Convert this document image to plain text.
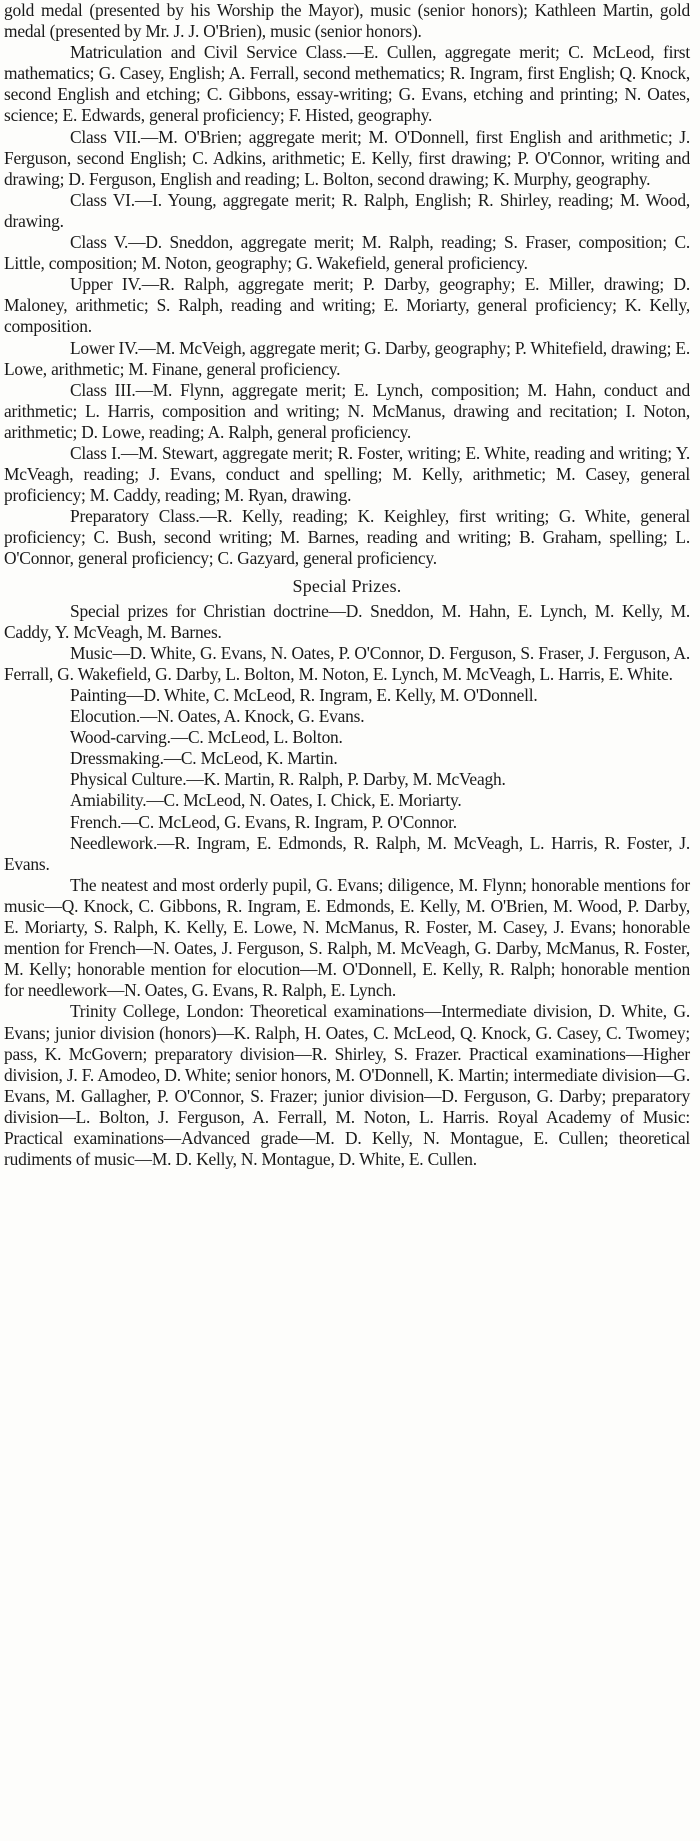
gold medal (presented by his Worship the Mayor), music (senior honors); Kathleen Martin, gold medal (presented by Mr. J. J. O'Brien), music (senior honors).

Matriculation and Civil Service Class.—E. Cullen, aggregate merit; C. McLeod, first mathematics; G. Casey, English; A. Ferrall, second methematics; R. Ingram, first English; Q. Knock, second English and etching; C. Gibbons, essay-writing; G. Evans, etching and printing; N. Oates, science; E. Edwards, general proficiency; F. Histed, geography.

Class VII.—M. O'Brien; aggregate merit; M. O'Donnell, first English and arithmetic; J. Ferguson, second English; C. Adkins, arithmetic; E. Kelly, first drawing; P. O'Connor, writing and drawing; D. Ferguson, English and reading; L. Bolton, second drawing; K. Murphy, geography.

Class VI.—I. Young, aggregate merit; R. Ralph, English; R. Shirley, reading; M. Wood, drawing.

Class V.—D. Sneddon, aggregate merit; M. Ralph, reading; S. Fraser, composition; C. Little, composition; M. Noton, geography; G. Wakefield, general proficiency.

Upper IV.—R. Ralph, aggregate merit; P. Darby, geography; E. Miller, drawing; D. Maloney, arithmetic; S. Ralph, reading and writing; E. Moriarty, general proficiency; K. Kelly, composition.

Lower IV.—M. McVeigh, aggregate merit; G. Darby, geography; P. Whitefield, drawing; E. Lowe, arithmetic; M. Finane, general proficiency.

Class III.—M. Flynn, aggregate merit; E. Lynch, composition; M. Hahn, conduct and arithmetic; L. Harris, composition and writing; N. McManus, drawing and recitation; I. Noton, arithmetic; D. Lowe, reading; A. Ralph, general proficiency.

Class I.—M. Stewart, aggregate merit; R. Foster, writing; E. White, reading and writing; Y. McVeagh, reading; J. Evans, conduct and spelling; M. Kelly, arithmetic; M. Casey, general proficiency; M. Caddy, reading; M. Ryan, drawing.

Preparatory Class.—R. Kelly, reading; K. Keighley, first writing; G. White, general proficiency; C. Bush, second writing; M. Barnes, reading and writing; B. Graham, spelling; L. O'Connor, general proficiency; C. Gazyard, general proficiency.

Special Prizes.

Special prizes for Christian doctrine—D. Sneddon, M. Hahn, E. Lynch, M. Kelly, M. Caddy, Y. McVeagh, M. Barnes.

Music—D. White, G. Evans, N. Oates, P. O'Connor, D. Ferguson, S. Fraser, J. Ferguson, A. Ferrall, G. Wakefield, G. Darby, L. Bolton, M. Noton, E. Lynch, M. McVeagh, L. Harris, E. White.

Painting—D. White, C. McLeod, R. Ingram, E. Kelly, M. O'Donnell.

Elocution.—N. Oates, A. Knock, G. Evans.

Wood-carving.—C. McLeod, L. Bolton.

Dressmaking.—C. McLeod, K. Martin.

Physical Culture.—K. Martin, R. Ralph, P. Darby, M. McVeagh.

Amiability.—C. McLeod, N. Oates, I. Chick, E. Moriarty.

French.—C. McLeod, G. Evans, R. Ingram, P. O'Connor.

Needlework.—R. Ingram, E. Edmonds, R. Ralph, M. McVeagh, L. Harris, R. Foster, J. Evans.

The neatest and most orderly pupil, G. Evans; diligence, M. Flynn; honorable mentions for music—Q. Knock, C. Gibbons, R. Ingram, E. Edmonds, E. Kelly, M. O'Brien, M. Wood, P. Darby, E. Moriarty, S. Ralph, K. Kelly, E. Lowe, N. McManus, R. Foster, M. Casey, J. Evans; honorable mention for French—N. Oates, J. Ferguson, S. Ralph, M. McVeagh, G. Darby, McManus, R. Foster, M. Kelly; honorable mention for elocution—M. O'Donnell, E. Kelly, R. Ralph; honorable mention for needlework—N. Oates, G. Evans, R. Ralph, E. Lynch.

Trinity College, London: Theoretical examinations—Intermediate division, D. White, G. Evans; junior division (honors)—K. Ralph, H. Oates, C. McLeod, Q. Knock, G. Casey, C. Twomey; pass, K. McGovern; preparatory division—R. Shirley, S. Frazer. Practical examinations—Higher division, J. F. Amodeo, D. White; senior honors, M. O'Donnell, K. Martin; intermediate division—G. Evans, M. Gallagher, P. O'Connor, S. Frazer; junior division—D. Ferguson, G. Darby; preparatory division—L. Bolton, J. Ferguson, A. Ferrall, M. Noton, L. Harris. Royal Academy of Music: Practical examinations—Advanced grade—M. D. Kelly, N. Montague, E. Cullen; theoretical rudiments of music—M. D. Kelly, N. Montague, D. White, E. Cullen.
